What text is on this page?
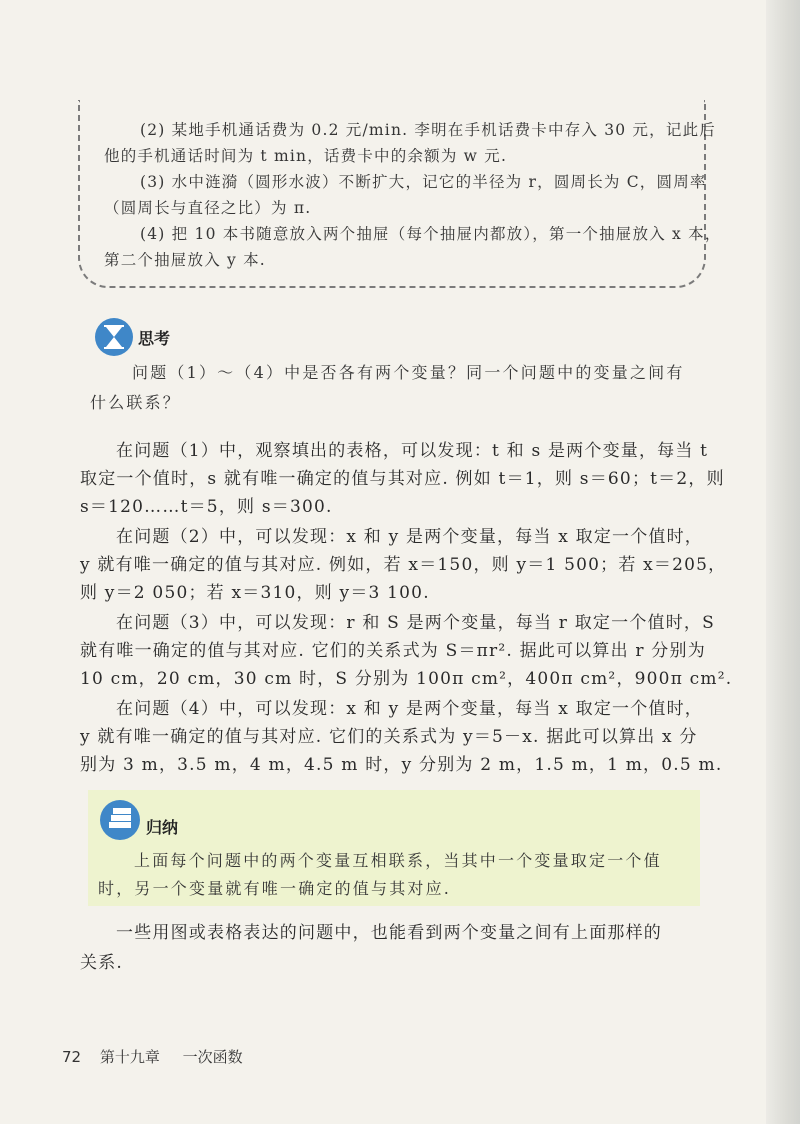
(2) 某地手机通话费为 0.2 元/min. 李明在手机话费卡中存入 30 元，记此后
他的手机通话时间为 t min，话费卡中的余额为 w 元.
(3) 水中涟漪（圆形水波）不断扩大，记它的半径为 r，圆周长为 C，圆周率
（圆周长与直径之比）为 π.
(4) 把 10 本书随意放入两个抽屉（每个抽屉内都放），第一个抽屉放入 x 本，
第二个抽屉放入 y 本.
思考
问题（1）～（4）中是否各有两个变量？同一个问题中的变量之间有
什么联系？
在问题（1）中，观察填出的表格，可以发现：t 和 s 是两个变量，每当 t
取定一个值时，s 就有唯一确定的值与其对应. 例如 t＝1，则 s＝60；t＝2，则
s＝120……t＝5，则 s＝300.
在问题（2）中，可以发现：x 和 y 是两个变量，每当 x 取定一个值时，
y 就有唯一确定的值与其对应. 例如，若 x＝150，则 y＝1 500；若 x＝205，
则 y＝2 050；若 x＝310，则 y＝3 100.
在问题（3）中，可以发现：r 和 S 是两个变量，每当 r 取定一个值时，S
就有唯一确定的值与其对应. 它们的关系式为 S＝πr². 据此可以算出 r 分别为
10 cm，20 cm，30 cm 时，S 分别为 100π cm²，400π cm²，900π cm².
在问题（4）中，可以发现：x 和 y 是两个变量，每当 x 取定一个值时，
y 就有唯一确定的值与其对应. 它们的关系式为 y＝5－x. 据此可以算出 x 分
别为 3 m，3.5 m，4 m，4.5 m 时，y 分别为 2 m，1.5 m，1 m，0.5 m.
归纳
上面每个问题中的两个变量互相联系，当其中一个变量取定一个值
时，另一个变量就有唯一确定的值与其对应.
一些用图或表格表达的问题中，也能看到两个变量之间有上面那样的
关系.
72 第十九章 一次函数
